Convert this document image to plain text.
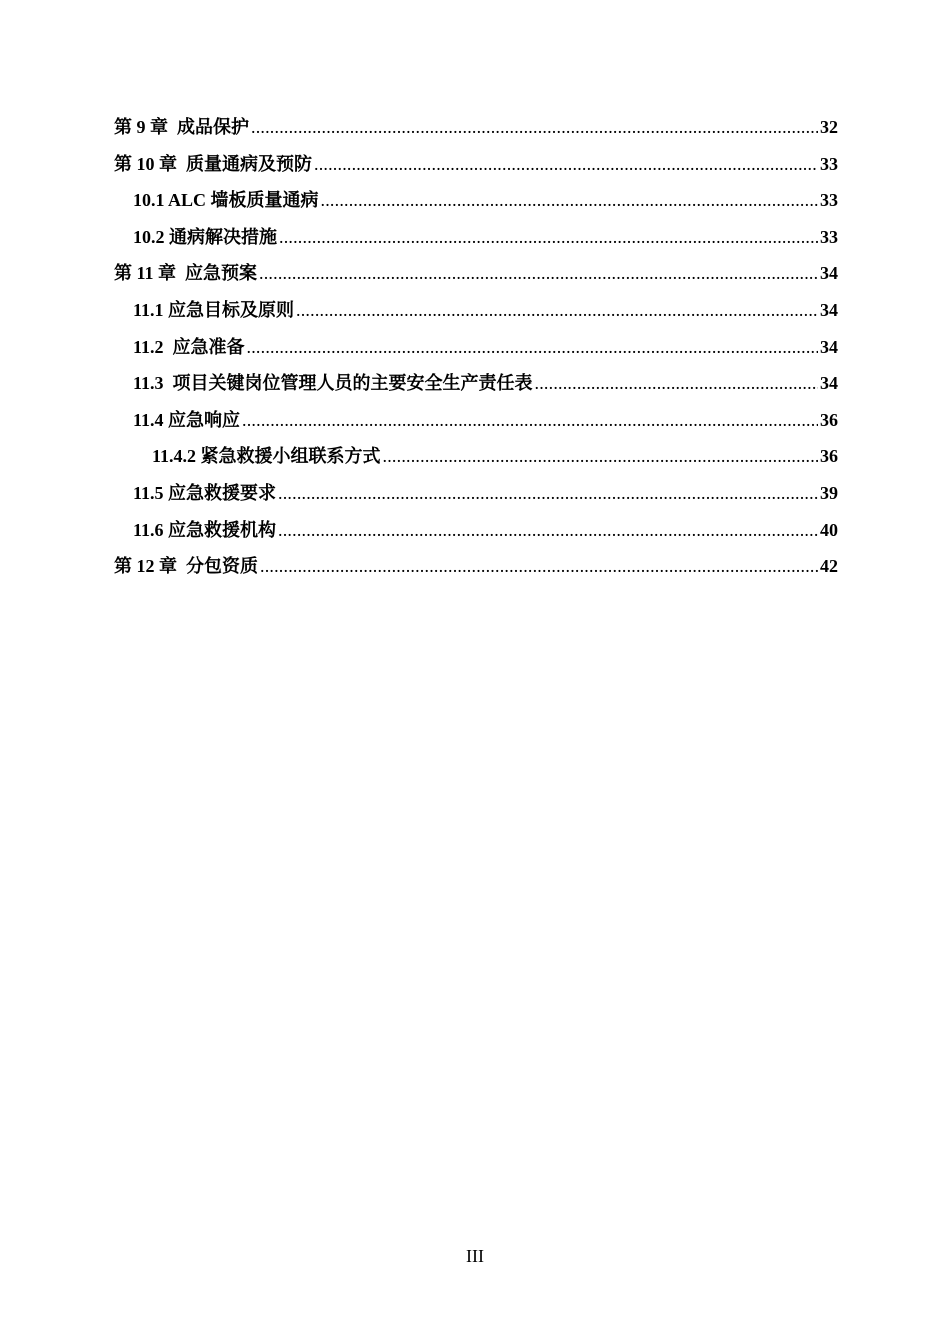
第 9 章  成品保护 .....	32
第 10 章  质量通病及预防 .....	33
10.1 ALC 墙板质量通病 .....	33
10.2 通病解决措施 .....	33
第 11 章  应急预案 .....	34
11.1 应急目标及原则 .....	34
11.2  应急准备 .....	34
11.3  项目关键岗位管理人员的主要安全生产责任表 .....	34
11.4 应急响应 .....	36
11.4.2 紧急救援小组联系方式 .....	36
11.5 应急救援要求 .....	39
11.6 应急救援机构 .....	40
第 12 章  分包资质 .....	42
III
